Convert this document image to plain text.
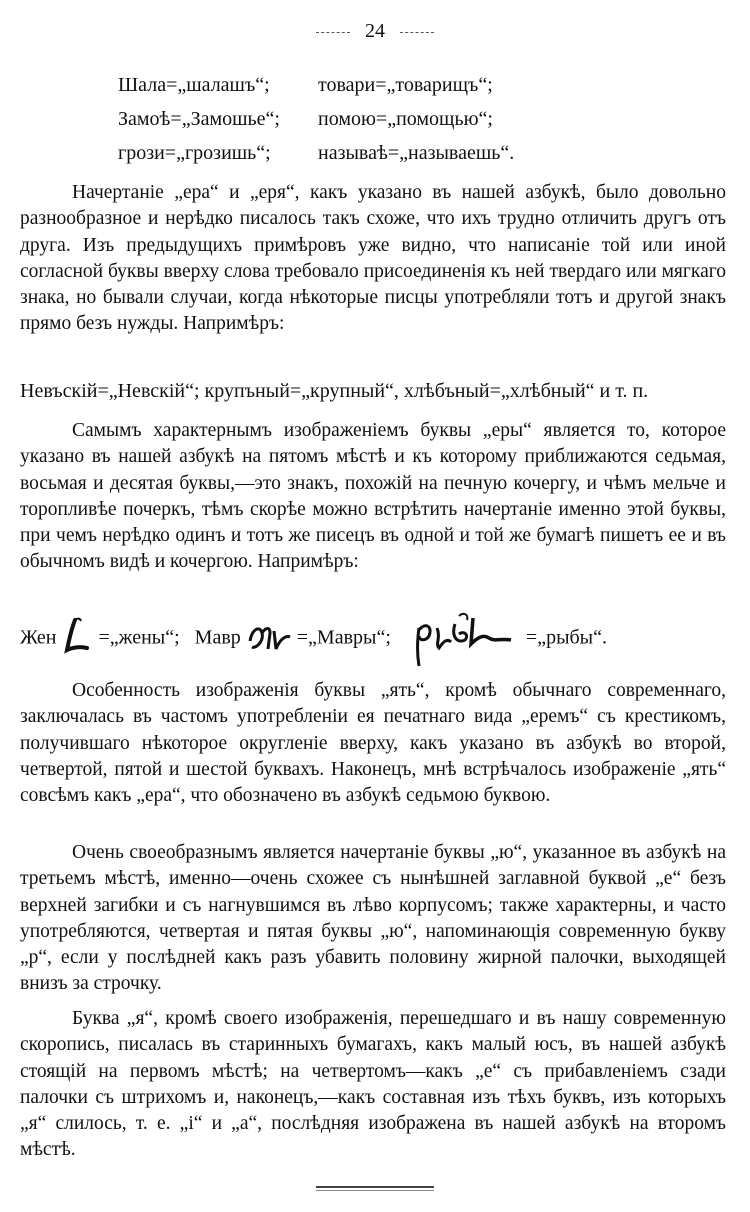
24
Шала=„шалашъ“;	товари=„товарищъ“;
Замоѣ=„Замошье“;	помою=„помощью“;
грози=„грозишь“;	называѣ=„называешь“.

Начертаніе „ера“ и „еря“, какъ указано въ нашей азбукѣ, было довольно разнообразное и нерѣдко писалось такъ схоже, что ихъ трудно отличить другъ отъ друга. Изъ предыдущихъ примѣровъ уже видно, что написаніе той или иной согласной буквы вверху слова требовало присоединенія къ ней твердаго или мягкаго знака, но бывали случаи, когда нѣкоторые писцы употребляли тотъ и другой знакъ прямо безъ нужды. Напримѣръ:

Невъскій=„Невскій“; крупъный=„крупный“, хлѣбъный=„хлѣбный“ и т. п.

Самымъ характернымъ изображеніемъ буквы „еры“ является то, которое указано въ нашей азбукѣ на пятомъ мѣстѣ и къ которому приближаются седьмая, восьмая и десятая буквы,—это знакъ, похожій на печную кочергу, и чѣмъ мельче и торопливѣе почеркъ, тѣмъ скорѣе можно встрѣтить начертаніе именно этой буквы, при чемъ нерѣдко одинъ и тотъ же писецъ въ одной и той же бумагѣ пишетъ ее и въ обычномъ видѣ и кочергою. Напримѣръ:

Жен =„жены“; Мавр	=„Мавры“;	=„рыбы“.

Особенность изображенія буквы „ять“, кромѣ обычнаго современнаго, заключалась въ частомъ употребленіи ея печатнаго вида „еремъ“ съ крестикомъ, получившаго нѣкоторое округленіе вверху, какъ указано въ азбукѣ во второй, четвертой, пятой и шестой буквахъ. Наконецъ, мнѣ встрѣчалось изображеніе „ять“ совсѣмъ какъ „ера“, что обозначено въ азбукѣ седьмою буквою.

Очень своеобразнымъ является начертаніе буквы „ю“, указанное въ азбукѣ на третьемъ мѣстѣ, именно—очень схожее съ нынѣшней заглавной буквой „е“ безъ верхней загибки и съ нагнувшимся въ лѣво корпусомъ; также характерны, и часто употребляются, четвертая и пятая буквы „ю“, напоминающія современную букву „р“, если у послѣдней какъ разъ убавить половину жирной палочки, выходящей внизъ за строчку.

Буква „я“, кромѣ своего изображенія, перешедшаго и въ нашу современную скоропись, писалась въ старинныхъ бумагахъ, какъ малый юсъ, въ нашей азбукѣ стоящій на первомъ мѣстѣ; на четвертомъ—какъ „е“ съ прибавленіемъ сзади палочки съ штрихомъ и, наконецъ,—какъ составная изъ тѣхъ буквъ, изъ которыхъ „я“ слилось, т. е. „і“ и „а“, послѣдняя изображена въ нашей азбукѣ на второмъ мѣстѣ.
